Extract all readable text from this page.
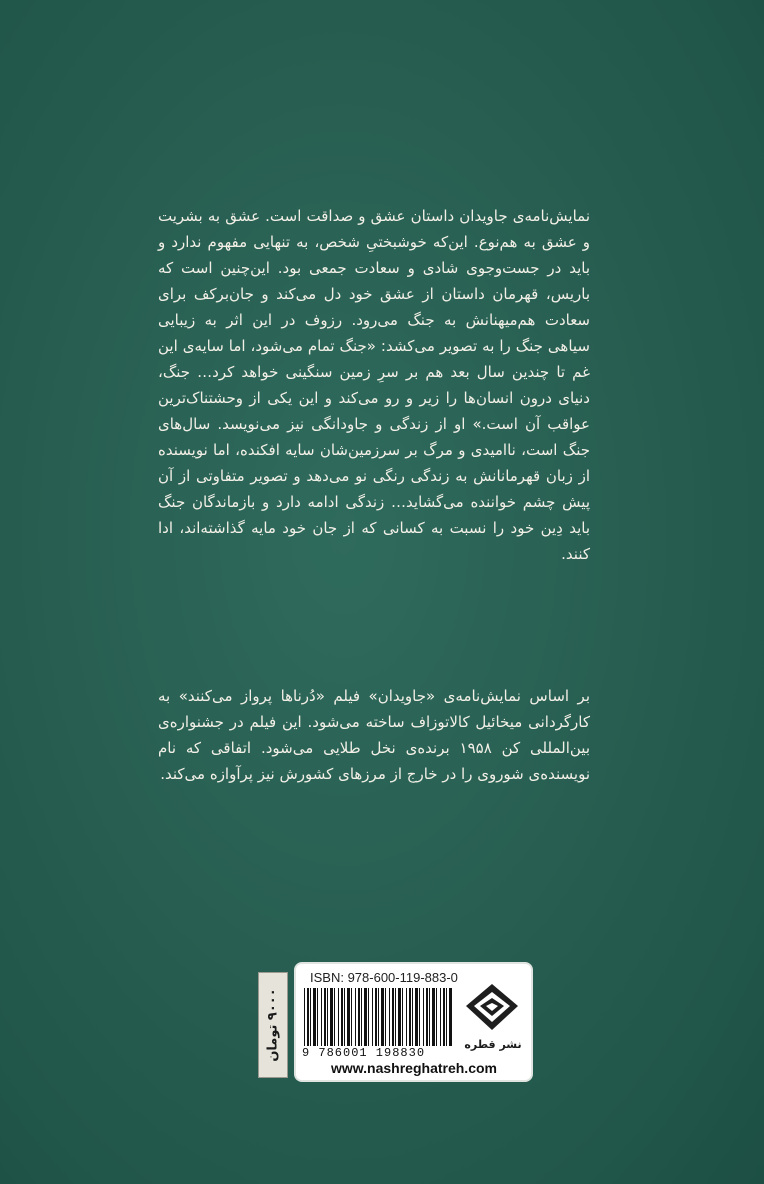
نمایش‌نامه‌ی جاویدان داستان عشق و صداقت است. عشق به بشریت و عشق به هم‌نوع. این‌که خوشبختیِ شخص، به تنهایی مفهوم ندارد و باید در جست‌وجوی شادی و سعادت جمعی بود. این‌چنین است که باریس، قهرمان داستان از عشق خود دل می‌کند و جان‌برکف برای سعادت هم‌میهنانش به جنگ می‌رود. رزوف در این اثر به زیبایی سیاهی جنگ را به تصویر می‌کشد: «جنگ تمام می‌شود، اما سایه‌ی این غم تا چندین سال بعد هم بر سرِ زمین سنگینی خواهد کرد… جنگ، دنیای درون انسان‌ها را زیر و رو می‌کند و این یکی از وحشتناک‌ترین عواقب آن است.» او از زندگی و جاودانگی نیز می‌نویسد. سال‌های جنگ است، ناامیدی و مرگ بر سرزمین‌شان سایه افکنده، اما نویسنده از زبان قهرمانانش به زندگی رنگی نو می‌دهد و تصویر متفاوتی از آن پیش چشم خواننده می‌گشاید… زندگی ادامه دارد و بازماندگان جنگ باید دِین خود را نسبت به کسانی که از جان خود مایه گذاشته‌اند، ادا کنند.

بر اساس نمایش‌نامه‌ی «جاویدان» فیلم «دُرناها پرواز می‌کنند» به کارگردانی میخائیل کالاتوزاف ساخته می‌شود. این فیلم در جشنواره‌ی بین‌المللی کن ۱۹۵۸ برنده‌ی نخل طلایی می‌شود. اتفاقی که نام نویسنده‌ی شوروی را در خارج از مرزهای کشورش نیز پرآوازه می‌کند.

۹۰۰۰ تومان
ISBN: 978-600-119-883-0
9 786001 198830
نشر قطره
www.nashreghatreh.com
